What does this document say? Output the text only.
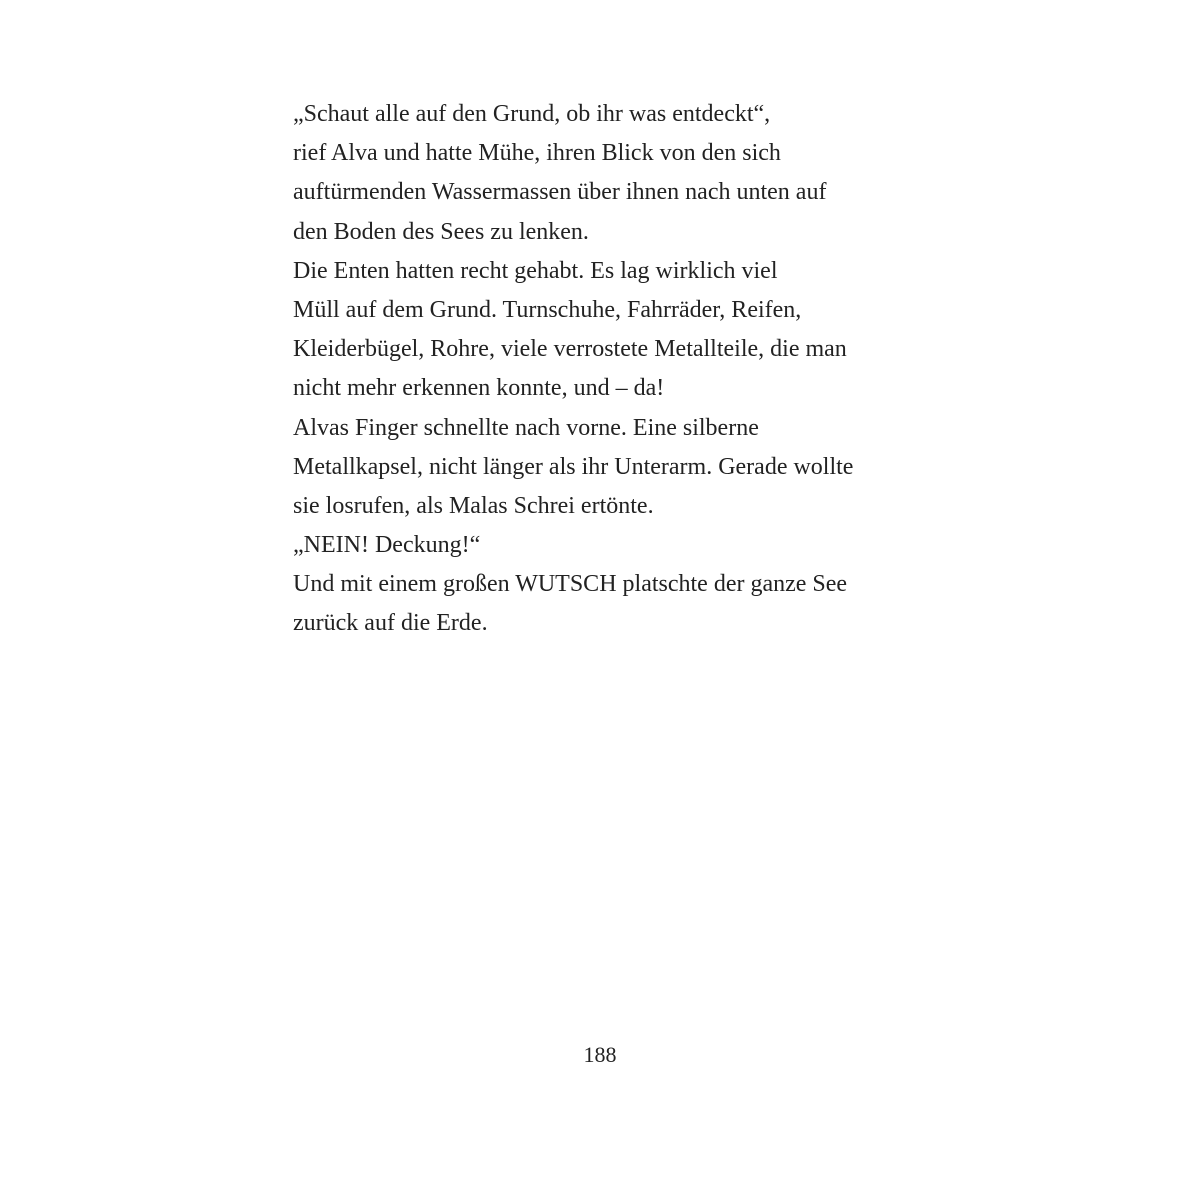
„Schaut alle auf den Grund, ob ihr was entdeckt“,
rief Alva und hatte Mühe, ihren Blick von den sich
auftürmenden Wassermassen über ihnen nach unten auf
den Boden des Sees zu lenken.
Die Enten hatten recht gehabt. Es lag wirklich viel
Müll auf dem Grund. Turnschuhe, Fahrräder, Reifen,
Kleiderbügel, Rohre, viele verrostete Metallteile, die man
nicht mehr erkennen konnte, und – da!
Alvas Finger schnellte nach vorne. Eine silberne
Metallkapsel, nicht länger als ihr Unterarm. Gerade wollte
sie losrufen, als Malas Schrei ertönte.
„NEIN! Deckung!“
Und mit einem großen WUTSCH platschte der ganze See
zurück auf die Erde.
188
